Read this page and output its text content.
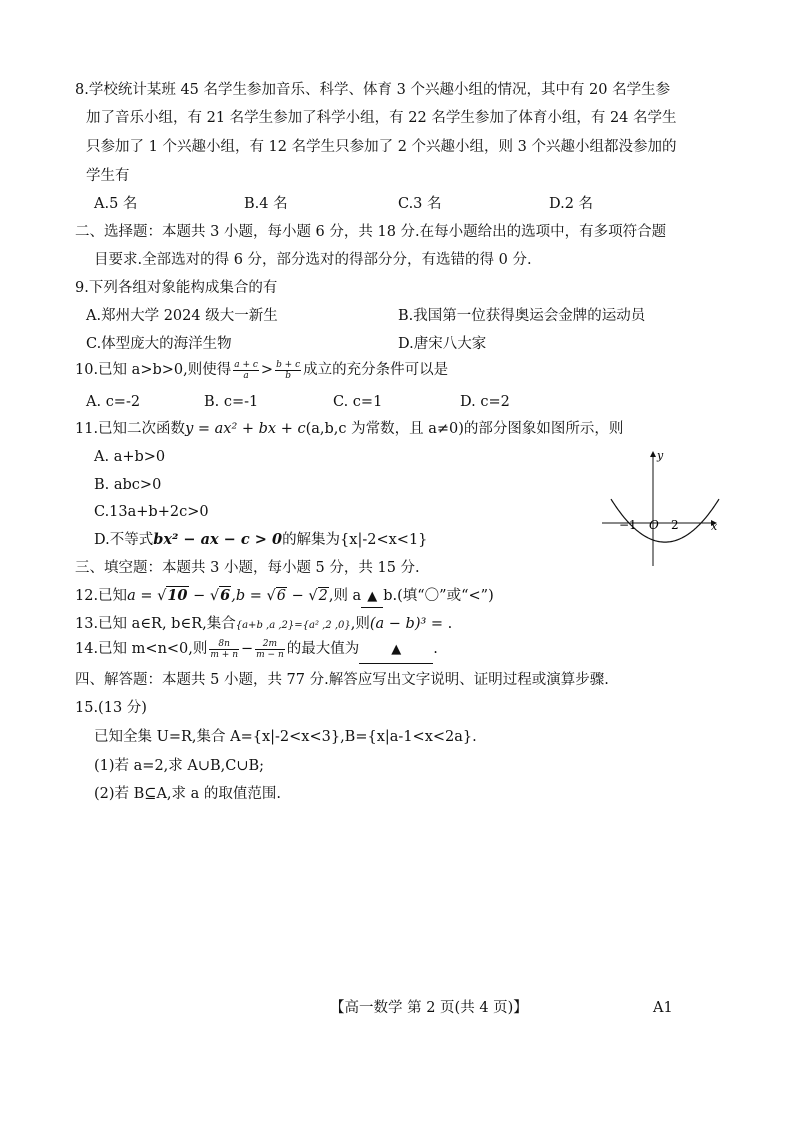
8.学校统计某班 45 名学生参加音乐、科学、体育 3 个兴趣小组的情况，其中有 20 名学生参
加了音乐小组，有 21 名学生参加了科学小组，有 22 名学生参加了体育小组，有 24 名学生
只参加了 1 个兴趣小组，有 12 名学生只参加了 2 个兴趣小组，则 3 个兴趣小组都没参加的
学生有
A.5 名	B.4 名	C.3 名	D.2 名
二、选择题：本题共 3 小题，每小题 6 分，共 18 分.在每小题给出的选项中，有多项符合题
目要求.全部选对的得 6 分，部分选对的得部分分，有选错的得 0 分.
9.下列各组对象能构成集合的有
A.郑州大学 2024 级大一新生	B.我国第一位获得奥运会金牌的运动员
C.体型庞大的海洋生物	D.唐宋八大家
10.已知 a>b>0,则使得 $\frac{a + c}{a} > \frac{b + c}{b}$ 成立的充分条件可以是
A. c=-2	B. c=-1	C. c=1	D. c=2
11.已知二次函数y = ax² + bx + c(a,b,c 为常数，且 a≠0)的部分图象如图所示，则
A. a+b>0
B. abc>0
C.13a+b+2c>0
D.不等式bx² − ax − c > 0的解集为{x|-2<x<1}
y
x
−1 O 2
三、填空题：本题共 3 小题，每小题 5 分，共 15 分.
12.已知a = √10 − √6,b = √6 − √2,则 a ▲ b.(填“〇”或“<”)
13.已知 a∈R, b∈R,集合{a+b ,a ,2}={a² ,2 ,0},则(a − b)³ = .
14.已知 m<n<0,则 $\frac{8n}{m + n} - \frac{2m}{m - n}$ 的最大值为 ▲ .
四、解答题：本题共 5 小题，共 77 分.解答应写出文字说明、证明过程或演算步骤.
15.(13 分)
已知全集 U=R,集合 A={x|-2<x<3},B={x|a-1<x<2a}.
(1)若 a=2,求 A∪B,C∪B;
(2)若 B⊆A,求 a 的取值范围.
【高一数学 第 2 页(共 4 页)】	A1
